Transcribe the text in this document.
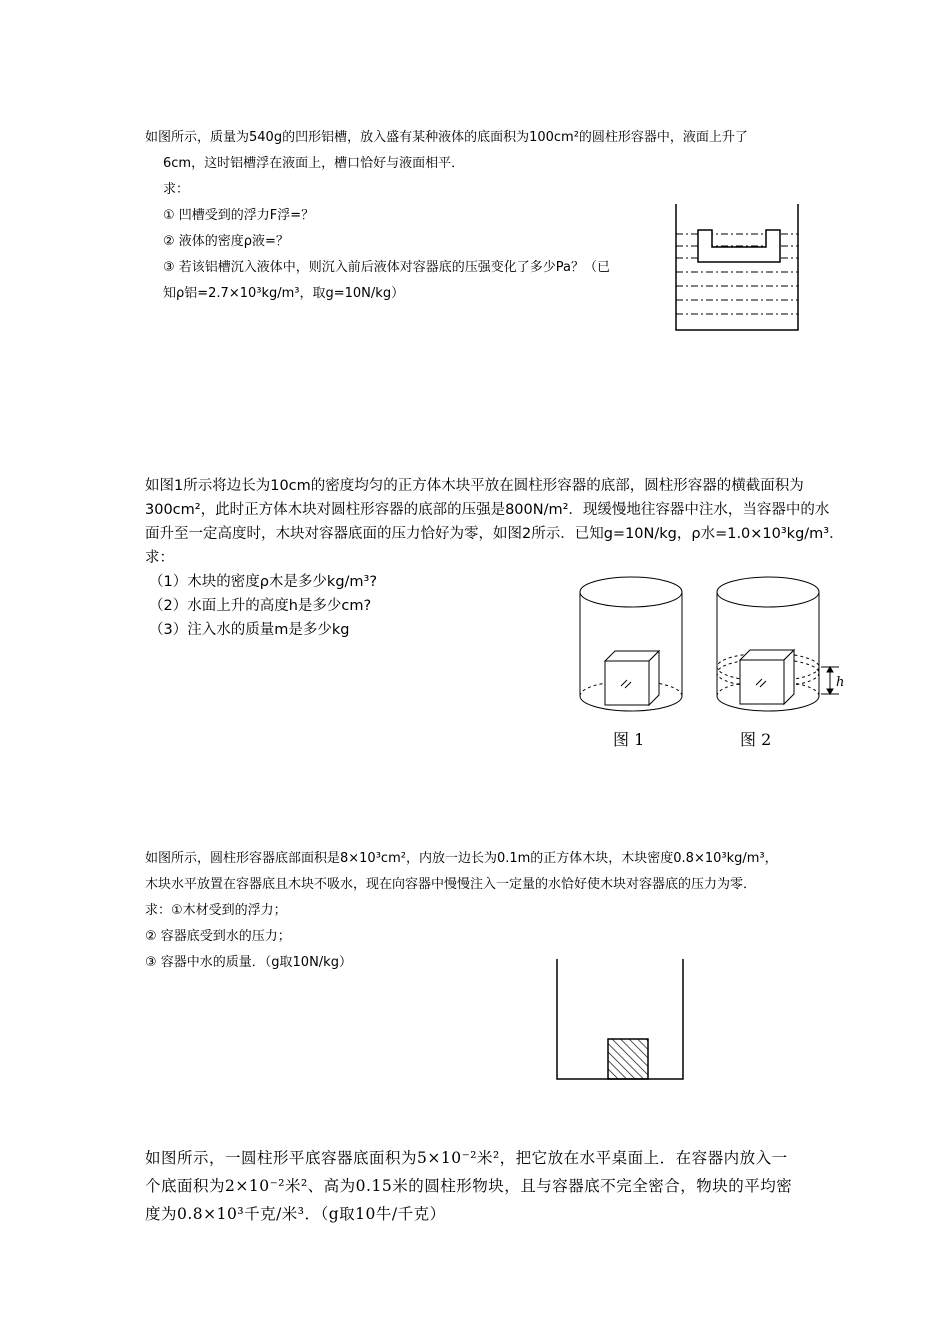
如图所示，质量为540g的凹形铝槽，放入盛有某种液体的底面积为100cm²的圆柱形容器中，液面上升了
6cm，这时铝槽浮在液面上，槽口恰好与液面相平．
求：
① 凹槽受到的浮力F浮=？
② 液体的密度ρ液=？
③ 若该铝槽沉入液体中，则沉入前后液体对容器底的压强变化了多少Pa？（已
知ρ铝=2.7×10³kg/m³，取g=10N/kg）
如图1所示将边长为10cm的密度均匀的正方体木块平放在圆柱形容器的底部，圆柱形容器的横截面积为
300cm²，此时正方体木块对圆柱形容器的底部的压强是800N/m²．现缓慢地往容器中注水，当容器中的水
面升至一定高度时，木块对容器底面的压力恰好为零，如图2所示．已知g=10N/kg，ρ水=1.0×10³kg/m³．
求：
（1）木块的密度ρ木是多少kg/m³?
（2）水面上升的高度h是多少cm?
（3）注入水的质量m是多少kg
h
图 1	图 2
如图所示，圆柱形容器底部面积是8×10³cm²，内放一边长为0.1m的正方体木块，木块密度0.8×10³kg/m³，
木块水平放置在容器底且木块不吸水，现在向容器中慢慢注入一定量的水恰好使木块对容器底的压力为零．
求：①木材受到的浮力；
② 容器底受到水的压力；
③ 容器中水的质量．（g取10N/kg）
如图所示，一圆柱形平底容器底面积为5×10⁻²米²，把它放在水平桌面上．在容器内放入一
个底面积为2×10⁻²米²、高为0.15米的圆柱形物块，且与容器底不完全密合，物块的平均密
度为0.8×10³千克/米³．（g取10牛/千克）
